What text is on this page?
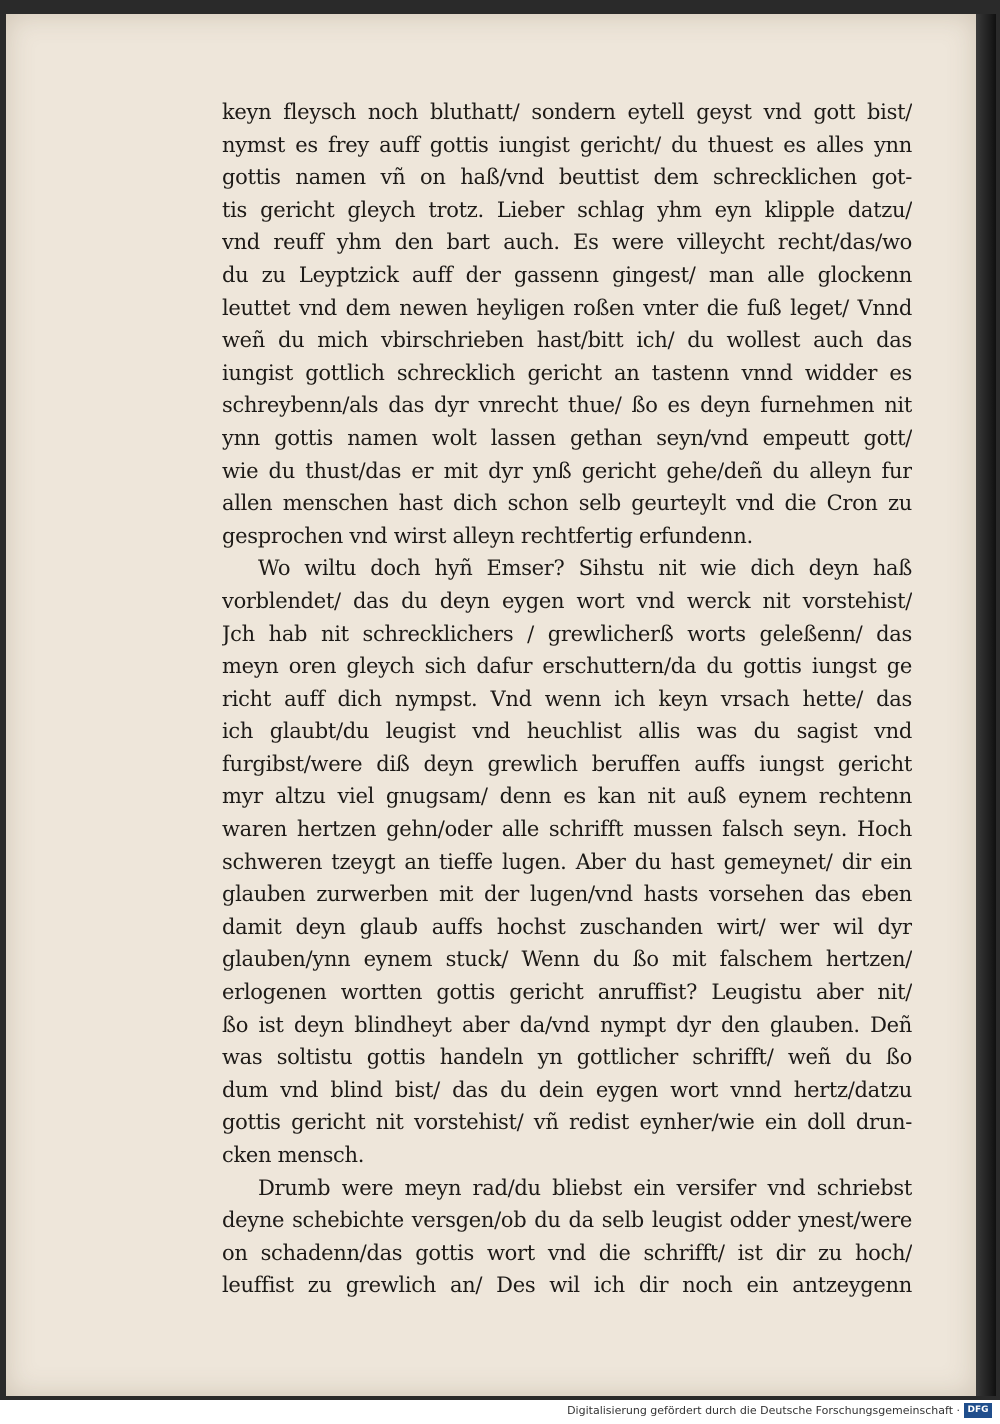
keyn fleysch noch bluthatt/ sondern eytell geyst vnd gott bist/
nymst es frey auff gottis iungist gericht/ du thuest es alles ynn
gottis namen vñ on haß/vnd beuttist dem schrecklichen got‑
tis gericht gleych trotz. Lieber schlag yhm eyn klipple datzu/
vnd reuff yhm den bart auch. Es were villeycht recht/das/wo
du zu Leyptzick auff der gassenn gingest/ man alle glockenn
leuttet vnd dem newen heyligen roßen vnter die fuß leget/ Vnnd
weñ du mich vbirschrieben hast/bitt ich/ du wollest auch das
iungist gottlich schrecklich gericht an tastenn vnnd widder es
schreybenn/als das dyr vnrecht thue/ ßo es deyn furnehmen nit
ynn gottis namen wolt lassen gethan seyn/vnd empeutt gott/
wie du thust/das er mit dyr ynß gericht gehe/deñ du alleyn fur
allen menschen hast dich schon selb geurteylt vnd die Cron zu
gesprochen vnd wirst alleyn rechtfertig erfundenn.
Wo wiltu doch hyñ Emser? Sihstu nit wie dich deyn haß
vorblendet/ das du deyn eygen wort vnd werck nit vorstehist/
Jch hab nit schrecklichers / grewlicherß worts geleßenn/ das
meyn oren gleych sich dafur erschuttern/da du gottis iungst ge
richt auff dich nympst. Vnd wenn ich keyn vrsach hette/ das
ich glaubt/du leugist vnd heuchlist allis was du sagist vnd
furgibst/were diß deyn grewlich beruffen auffs iungst gericht
myr altzu viel gnugsam/ denn es kan nit auß eynem rechtenn
waren hertzen gehn/oder alle schrifft mussen falsch seyn. Hoch
schweren tzeygt an tieffe lugen. Aber du hast gemeynet/ dir ein
glauben zurwerben mit der lugen/vnd hasts vorsehen das eben
damit deyn glaub auffs hochst zuschanden wirt/ wer wil dyr
glauben/ynn eynem stuck/ Wenn du ßo mit falschem hertzen/
erlogenen wortten gottis gericht anruffist? Leugistu aber nit/
ßo ist deyn blindheyt aber da/vnd nympt dyr den glauben. Deñ
was soltistu gottis handeln yn gottlicher schrifft/ weñ du ßo
dum vnd blind bist/ das du dein eygen wort vnnd hertz/datzu
gottis gericht nit vorstehist/ vñ redist eynher/wie ein doll drun‑
cken mensch.
Drumb were meyn rad/du bliebst ein versifer vnd schriebst
deyne schebichte versgen/ob du da selb leugist odder ynest/were
on schadenn/das gottis wort vnd die schrifft/ ist dir zu hoch/
leuffist zu grewlich an/ Des wil ich dir noch ein antzeygenn
Digitalisierung gefördert durch die Deutsche Forschungsgemeinschaft · DFG
